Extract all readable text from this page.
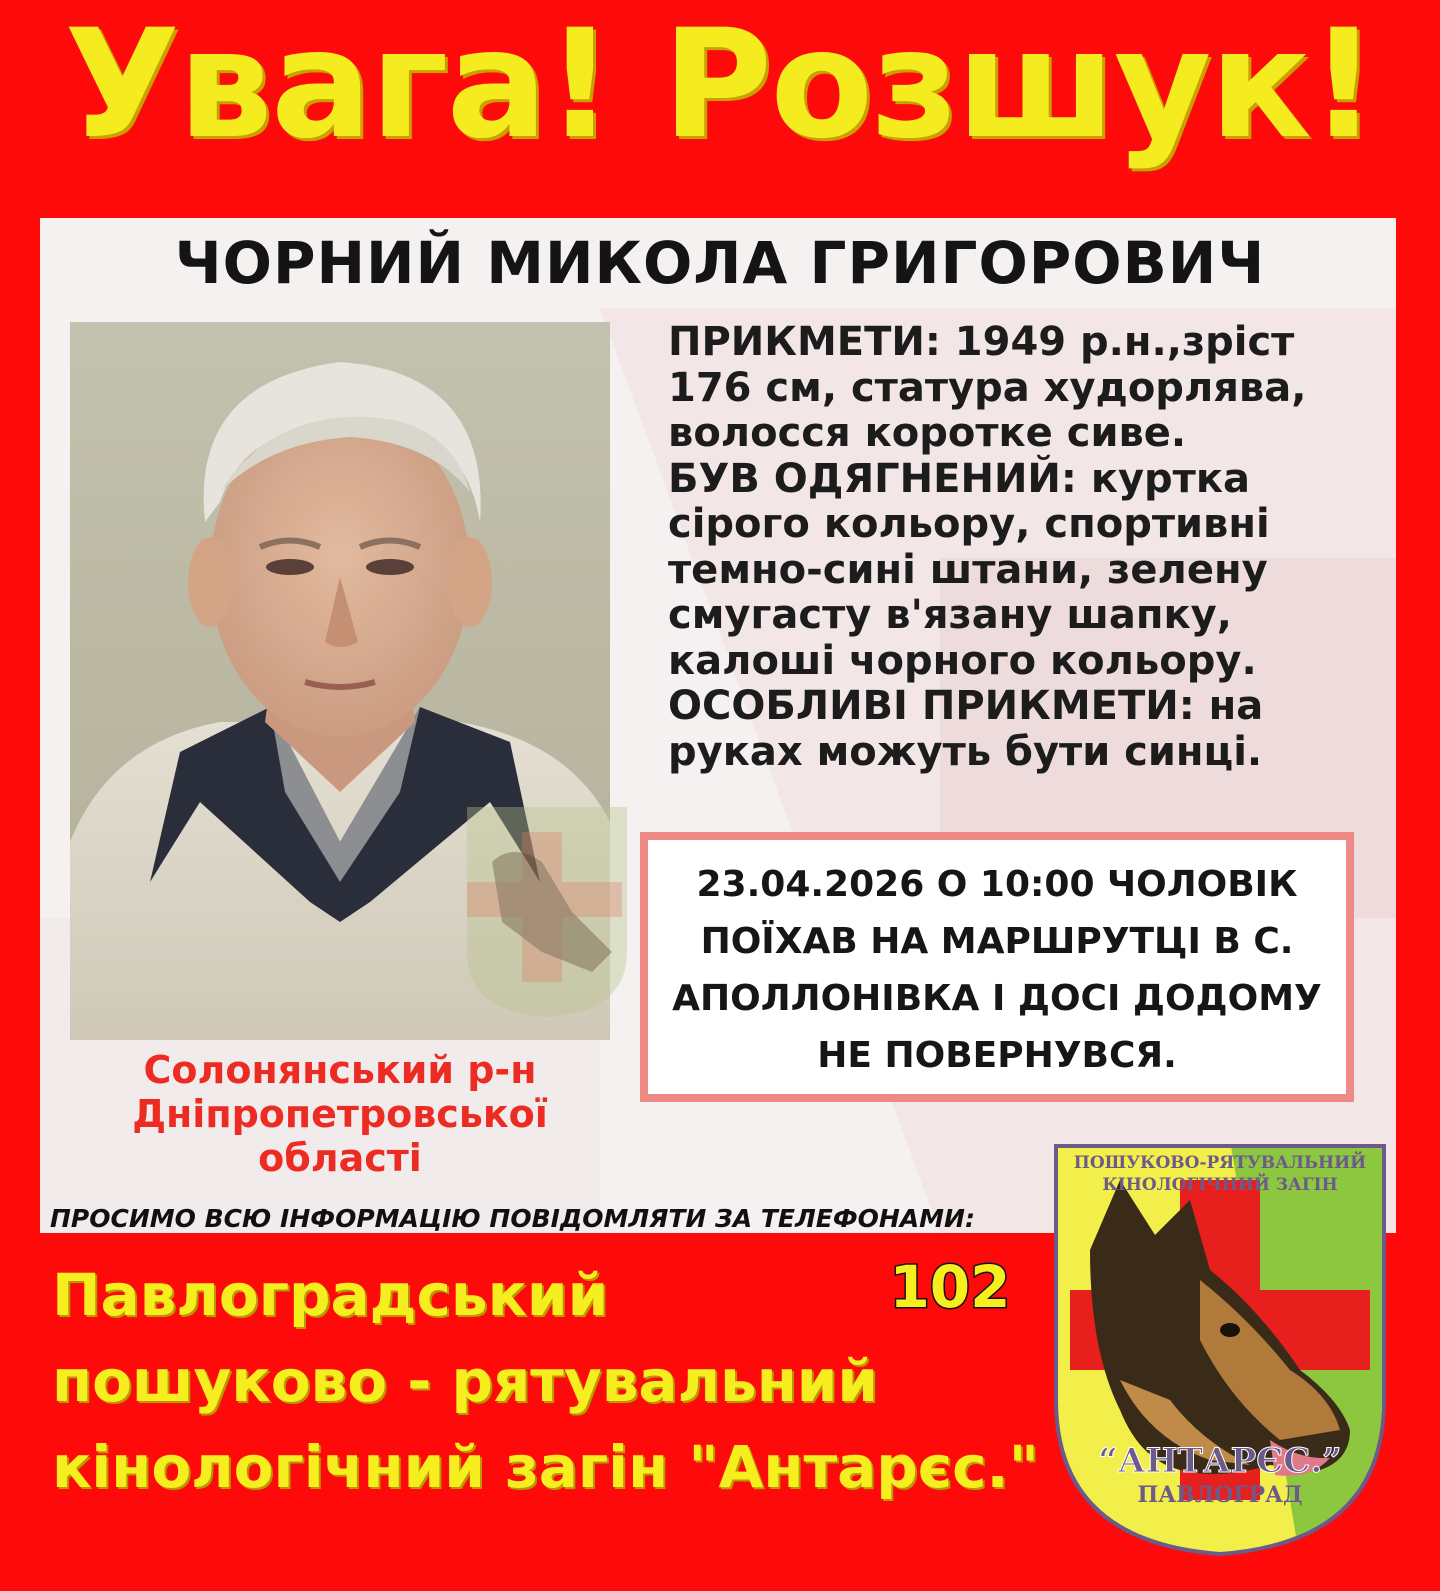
Увага! Розшук!
ЧОРНИЙ МИКОЛА ГРИГОРОВИЧ
ПРИКМЕТИ: 1949 р.н.,зріст
176 см, статура худорлява,
волосся коротке сиве.
БУВ ОДЯГНЕНИЙ: куртка
сірого кольору, спортивні
темно-сині штани, зелену
смугасту в'язану шапку,
калоші чорного кольору.
ОСОБЛИВІ ПРИКМЕТИ: на
руках можуть бути синці.
23.04.2026 О 10:00 ЧОЛОВІК
ПОЇХАВ НА МАРШРУТЦІ В С.
АПОЛЛОНІВКА І ДОСІ ДОДОМУ
НЕ ПОВЕРНУВСЯ.
Солонянський р-н
Дніпропетровської
області
ПРОСИМО ВСЮ ІНФОРМАЦІЮ ПОВІДОМЛЯТИ ЗА ТЕЛЕФОНАМИ:
Павлоградський
пошуково - рятувальний
кінологічний загін "Антарєс."
102
ПОШУКОВО-РЯТУВАЛЬНИЙ
КІНОЛОГІЧНИЙ ЗАГІН
“АНТАРЄС.”
ПАВЛОГРАД
